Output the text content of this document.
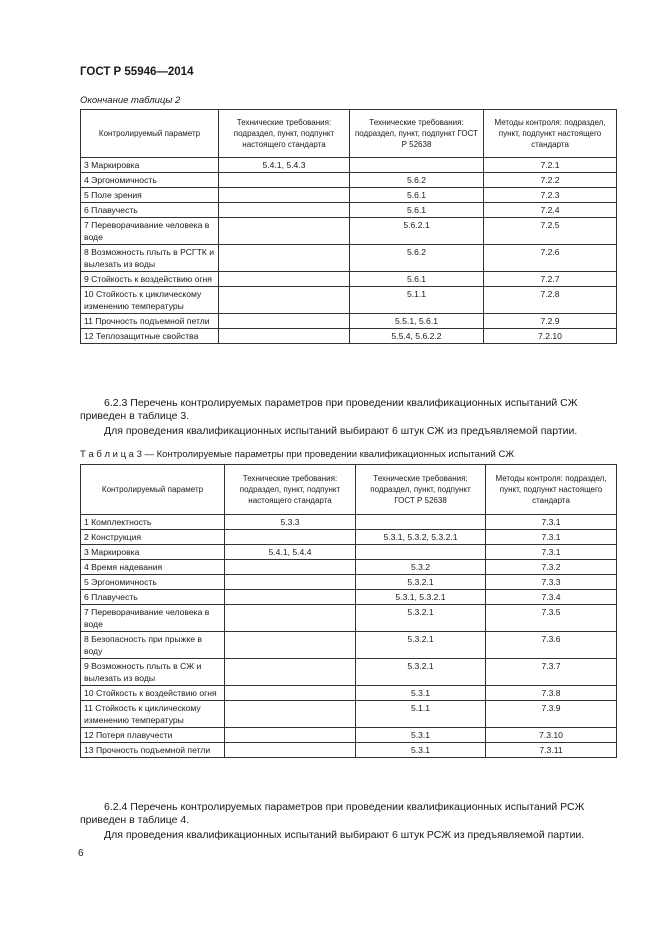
ГОСТ Р 55946—2014
Окончание таблицы 2
Контролируемый параметр	Технические требования: подраздел, пункт, подпункт настоящего стандарта	Технические требования: подраздел, пункт, подпункт ГОСТ Р 52638	Методы контроля: подраздел, пункт, подпункт настоящего стандарта
3 Маркировка	5.4.1, 5.4.3		7.2.1
4 Эргономичность		5.6.2	7.2.2
5 Поле зрения		5.6.1	7.2.3
6 Плавучесть		5.6.1	7.2.4
7 Переворачивание человека в воде		5.6.2.1	7.2.5
8 Возможность плыть в РСГТК и вылезать из воды		5.6.2	7.2.6
9 Стойкость к воздействию огня		5.6.1	7.2.7
10 Стойкость к циклическому изменению температуры		5.1.1	7.2.8
11 Прочность подъемной петли		5.5.1, 5.6.1	7.2.9
12 Теплозащитные свойства		5.5.4, 5.6.2.2	7.2.10
6.2.3 Перечень контролируемых параметров при проведении квалификационных испытаний СЖ
приведен в таблице 3.
Для проведения квалификационных испытаний выбирают 6 штук СЖ из предъявляемой партии.
Т а б л и ц а 3 — Контролируемые параметры при проведении квалификационных испытаний СЖ
Контролируемый параметр	Технические требования: подраздел, пункт, подпункт настоящего стандарта	Технические требования: подраздел, пункт, подпункт ГОСТ Р 52638	Методы контроля: подраздел, пункт, подпункт настоящего стандарта
1 Комплектность	5.3.3		7.3.1
2 Конструкция		5.3.1, 5.3.2, 5.3.2.1	7.3.1
3 Маркировка	5.4.1, 5.4.4		7.3.1
4 Время надевания		5.3.2	7.3.2
5 Эргономичность		5.3.2.1	7.3.3
6 Плавучесть		5.3.1, 5.3.2.1	7.3.4
7 Переворачивание человека в воде		5.3.2.1	7.3.5
8 Безопасность при прыжке в воду		5.3.2.1	7.3.6
9 Возможность плыть в СЖ и вылезать из воды		5.3.2.1	7.3.7
10 Стойкость к воздействию огня		5.3.1	7.3.8
11 Стойкость к циклическому изменению температуры		5.1.1	7.3.9
12 Потеря плавучести		5.3.1	7.3.10
13 Прочность подъемной петли		5.3.1	7.3.11
6.2.4 Перечень контролируемых параметров при проведении квалификационных испытаний РСЖ
приведен в таблице 4.
Для проведения квалификационных испытаний выбирают 6 штук РСЖ из предъявляемой партии.
6
